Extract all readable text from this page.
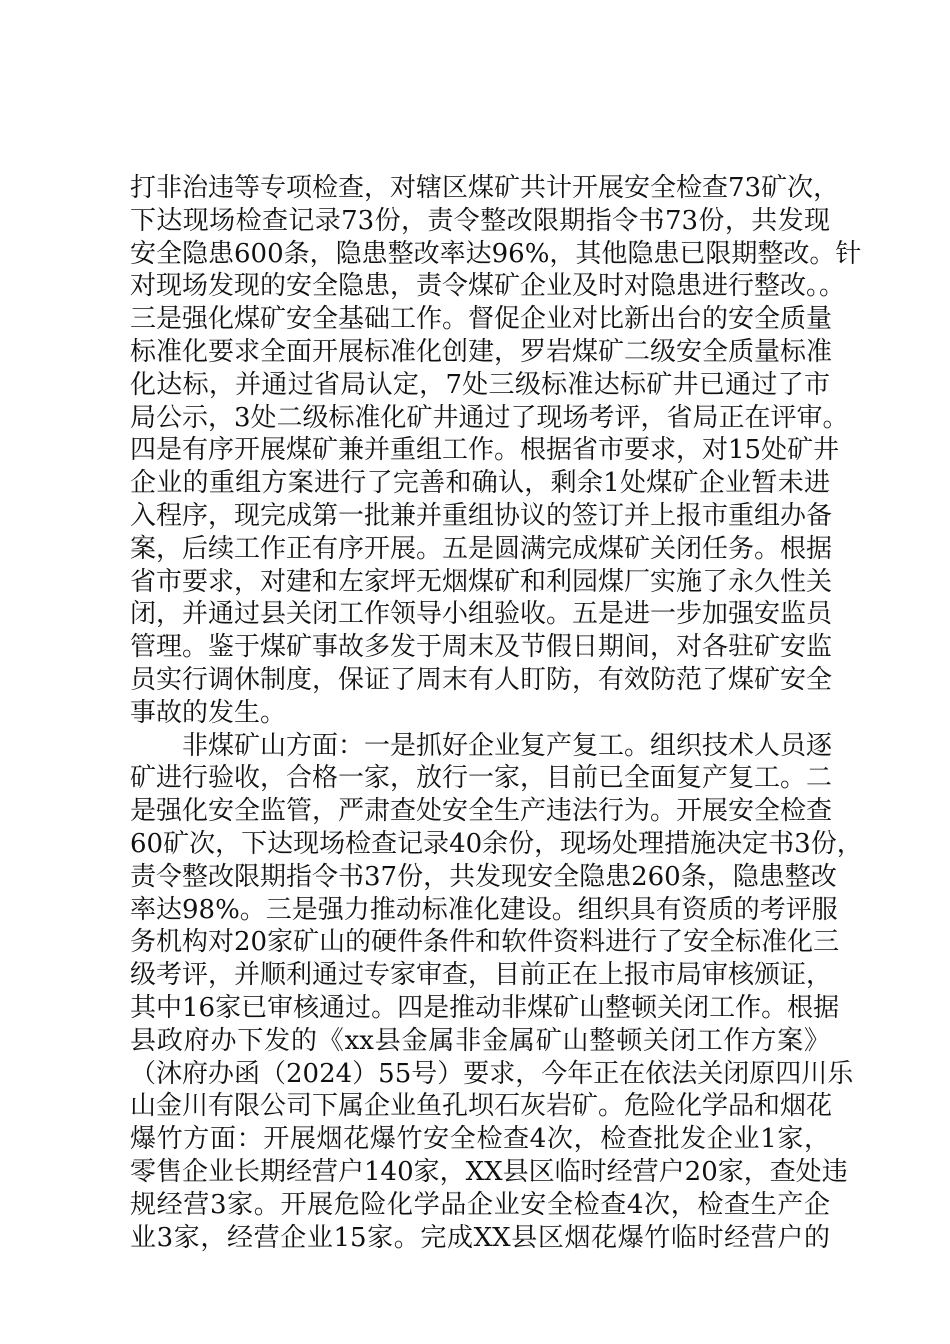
打非治违等专项检查，对辖区煤矿共计开展安全检查73矿次，
下达现场检查记录73份，责令整改限期指令书73份，共发现
安全隐患600条，隐患整改率达96%，其他隐患已限期整改。针
对现场发现的安全隐患，责令煤矿企业及时对隐患进行整改。。
三是强化煤矿安全基础工作。督促企业对比新出台的安全质量
标准化要求全面开展标准化创建，罗岩煤矿二级安全质量标准
化达标，并通过省局认定，7处三级标准达标矿井已通过了市
局公示，3处二级标准化矿井通过了现场考评，省局正在评审。
四是有序开展煤矿兼并重组工作。根据省市要求，对15处矿井
企业的重组方案进行了完善和确认，剩余1处煤矿企业暂未进
入程序，现完成第一批兼并重组协议的签订并上报市重组办备
案，后续工作正有序开展。五是圆满完成煤矿关闭任务。根据
省市要求，对建和左家坪无烟煤矿和利园煤厂实施了永久性关
闭，并通过县关闭工作领导小组验收。五是进一步加强安监员
管理。鉴于煤矿事故多发于周末及节假日期间，对各驻矿安监
员实行调休制度，保证了周末有人盯防，有效防范了煤矿安全
事故的发生。
非煤矿山方面：一是抓好企业复产复工。组织技术人员逐
矿进行验收，合格一家，放行一家，目前已全面复产复工。二
是强化安全监管，严肃查处安全生产违法行为。开展安全检查
60矿次，下达现场检查记录40余份，现场处理措施决定书3份，
责令整改限期指令书37份，共发现安全隐患260条，隐患整改
率达98%。三是强力推动标准化建设。组织具有资质的考评服
务机构对20家矿山的硬件条件和软件资料进行了安全标准化三
级考评，并顺利通过专家审查，目前正在上报市局审核颁证，
其中16家已审核通过。四是推动非煤矿山整顿关闭工作。根据
县政府办下发的《xx县金属非金属矿山整顿关闭工作方案》
（沐府办函（2024）55号）要求，今年正在依法关闭原四川乐
山金川有限公司下属企业鱼孔坝石灰岩矿。危险化学品和烟花
爆竹方面：开展烟花爆竹安全检查4次，检查批发企业1家，
零售企业长期经营户140家，XX县区临时经营户20家，查处违
规经营3家。开展危险化学品企业安全检查4次，检查生产企
业3家，经营企业15家。完成XX县区烟花爆竹临时经营户的
